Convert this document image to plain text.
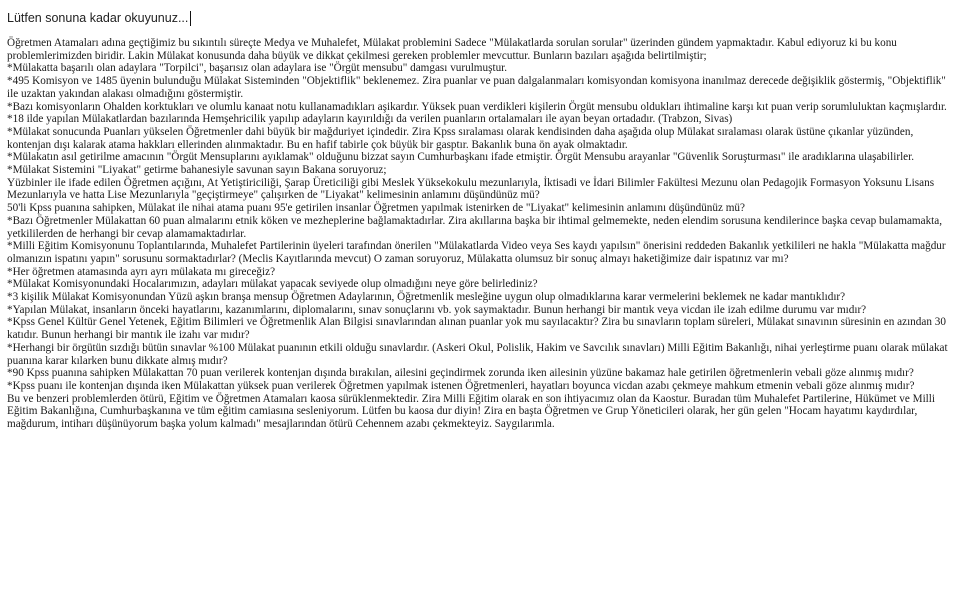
Lütfen sonuna kadar okuyunuz...

Öğretmen Atamaları adına geçtiğimiz bu sıkıntılı süreçte Medya ve Muhalefet, Mülakat problemini Sadece "Mülakatlarda sorulan sorular" üzerinden gündem yapmaktadır. Kabul ediyoruz ki bu konu problemlerimizden biridir. Lakin Mülakat konusunda daha büyük ve dikkat çekilmesi gereken problemler mevcuttur. Bunların bazıları aşağıda belirtilmiştir;

*Mülakatta başarılı olan adaylara "Torpilci", başarısız olan adaylara ise "Örgüt mensubu" damgası vurulmuştur.

*495 Komisyon ve 1485 üyenin bulunduğu Mülakat Sisteminden "Objektiflik" beklenemez. Zira puanlar ve puan dalgalanmaları komisyondan komisyona inanılmaz derecede değişiklik göstermiş, "Objektiflik" ile uzaktan yakından alakası olmadığını göstermiştir.

*Bazı komisyonların Ohalden korktukları ve olumlu kanaat notu kullanamadıkları aşikardır. Yüksek puan verdikleri kişilerin Örgüt mensubu oldukları ihtimaline karşı kıt puan verip sorumluluktan kaçmışlardır.

*18 ilde yapılan Mülakatlardan bazılarında Hemşehricilik yapılıp adayların kayırıldığı da verilen puanların ortalamaları ile ayan beyan ortadadır. (Trabzon, Sivas)

*Mülakat sonucunda Puanları yükselen Öğretmenler dahi büyük bir mağduriyet içindedir. Zira Kpss sıralaması olarak kendisinden daha aşağıda olup Mülakat sıralaması olarak üstüne çıkanlar yüzünden, kontenjan dışı kalarak atama hakkları ellerinden alınmaktadır. Bu en hafif tabirle çok büyük bir gasptır. Bakanlık buna ön ayak olmaktadır.

*Mülakatın asıl getirilme amacının "Örgüt Mensuplarını ayıklamak" olduğunu bizzat sayın Cumhurbaşkanı ifade etmiştir. Örgüt Mensubu arayanlar "Güvenlik Soruşturması" ile aradıklarına ulaşabilirler.

*Mülakat Sistemini "Liyakat" getirme bahanesiyle savunan sayın Bakana soruyoruz;

Yüzbinler ile ifade edilen Öğretmen açığını, At Yetiştiriciliği, Şarap Üreticiliği gibi Meslek Yüksekokulu mezunlarıyla, İktisadi ve İdari Bilimler Fakültesi Mezunu olan Pedagojik Formasyon Yoksunu Lisans Mezunlarıyla ve hatta Lise Mezunlarıyla "geçiştirmeye" çalışırken de "Liyakat" kelimesinin anlamını düşündünüz mü?

50'li Kpss puanına sahipken, Mülakat ile nihai atama puanı 95'e getirilen insanlar Öğretmen yapılmak istenirken de "Liyakat" kelimesinin anlamını düşündünüz mü?

*Bazı Öğretmenler Mülakattan 60 puan almalarını etnik köken ve mezheplerine bağlamaktadırlar. Zira akıllarına başka bir ihtimal gelmemekte, neden elendim sorusuna kendilerince başka cevap bulamamakta, yetkililerden de herhangi bir cevap alamamaktadırlar.

*Milli Eğitim Komisyonunu Toplantılarında, Muhalefet Partilerinin üyeleri tarafından önerilen "Mülakatlarda Video veya Ses kaydı yapılsın" önerisini reddeden Bakanlık yetkilileri ne hakla "Mülakatta mağdur olmanızın ispatını yapın" sorusunu sormaktadırlar? (Meclis Kayıtlarında mevcut) O zaman soruyoruz, Mülakatta olumsuz bir sonuç almayı haketiğimize dair ispatınız var mı?

*Her öğretmen atamasında ayrı ayrı mülakata mı gireceğiz?

*Mülakat Komisyonundaki Hocalarımızın, adayları mülakat yapacak seviyede olup olmadığını neye göre belirlediniz?

*3 kişilik Mülakat Komisyonundan Yüzü aşkın branşa mensup Öğretmen Adaylarının, Öğretmenlik mesleğine uygun olup olmadıklarına karar vermelerini beklemek ne kadar mantıklıdır?

*Yapılan Mülakat, insanların önceki hayatlarını, kazanımlarını, diplomalarını, sınav sonuçlarını vb. yok saymaktadır. Bunun herhangi bir mantık veya vicdan ile izah edilme durumu var mıdır?

*Kpss Genel Kültür Genel Yetenek, Eğitim Bilimleri ve Öğretmenlik Alan Bilgisi sınavlarından alınan puanlar yok mu sayılacaktır? Zira bu sınavların toplam süreleri, Mülakat sınavının süresinin en azından 30 katıdır. Bunun herhangi bir mantık ile izahı var mıdır?

*Herhangi bir örgütün sızdığı bütün sınavlar %100 Mülakat puanının etkili olduğu sınavlardır. (Askeri Okul, Polislik, Hakim ve Savcılık sınavları) Milli Eğitim Bakanlığı, nihai yerleştirme puanı olarak mülakat puanına karar kılarken bunu dikkate almış mıdır?

*90 Kpss puanına sahipken Mülakattan 70 puan verilerek kontenjan dışında bırakılan, ailesini geçindirmek zorunda iken ailesinin yüzüne bakamaz hale getirilen öğretmenlerin vebali göze alınmış mıdır?

*Kpss puanı ile kontenjan dışında iken Mülakattan yüksek puan verilerek Öğretmen yapılmak istenen Öğretmenleri, hayatları boyunca vicdan azabı çekmeye mahkum etmenin vebali göze alınmış mıdır?

Bu ve benzeri problemlerden ötürü, Eğitim ve Öğretmen Atamaları kaosa sürüklenmektedir. Zira Milli Eğitim olarak en son ihtiyacımız olan da Kaostur. Buradan tüm Muhalefet Partilerine, Hükümet ve Milli Eğitim Bakanlığına, Cumhurbaşkanına ve tüm eğitim camiasına sesleniyorum. Lütfen bu kaosa dur diyin! Zira en başta Öğretmen ve Grup Yöneticileri olarak, her gün gelen "Hocam hayatımı kaydırdılar, mağdurum, intiharı düşünüyorum başka yolum kalmadı" mesajlarından ötürü Cehennem azabı çekmekteyiz. Saygılarımla.
